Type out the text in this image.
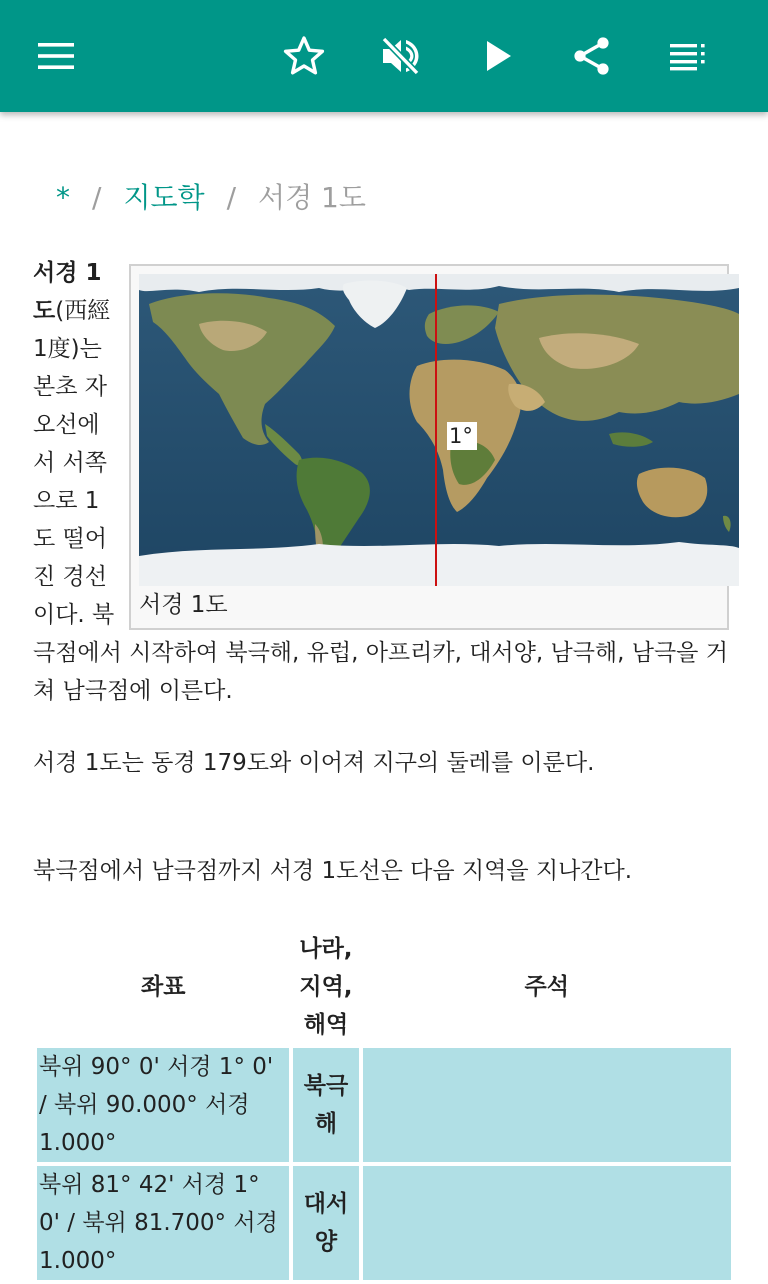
* / 지도학 / 서경 1도
1°
서경 1도

서경 1도(西經1度)는 본초 자오선에서 서쪽으로 1도 떨어진 경선이다. 북극점에서 시작하여 북극해, 유럽, 아프리카, 대서양, 남극해, 남극을 거쳐 남극점에 이른다.

서경 1도는 동경 179도와 이어져 지구의 둘레를 이룬다.

북극점에서 남극점까지 서경 1도선은 다음 지역을 지나간다.

좌표	나라, 지역, 해역	주석
북위 90° 0' 서경 1° 0' / 북위 90.000° 서경 1.000°	북극해	
북위 81° 42' 서경 1° 0' / 북위 81.700° 서경 1.000°	대서양	
